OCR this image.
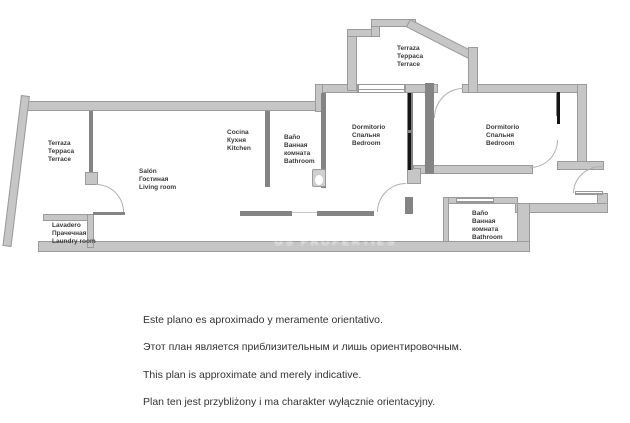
GS PROPERTIES
Terraza
Терраса
Terrace
Salón
Гостиная
Living room
Cocina
Кухня
Kitchen
Baño
Ванная
комната
Bathroom
Terraza
Терраса
Terrace
Dormitorio
Спальня
Bedroom
Dormitorio
Спальня
Bedroom
Lavadero
Прачечная
Laundry room
Baño
Ванная
комната
Bathroom
Este plano es aproximado y meramente orientativo.
Этот план является приблизительным и лишь ориентировочным.
This plan is approximate and merely indicative.
Plan ten jest przybliżony i ma charakter wyłącznie orientacyjny.
